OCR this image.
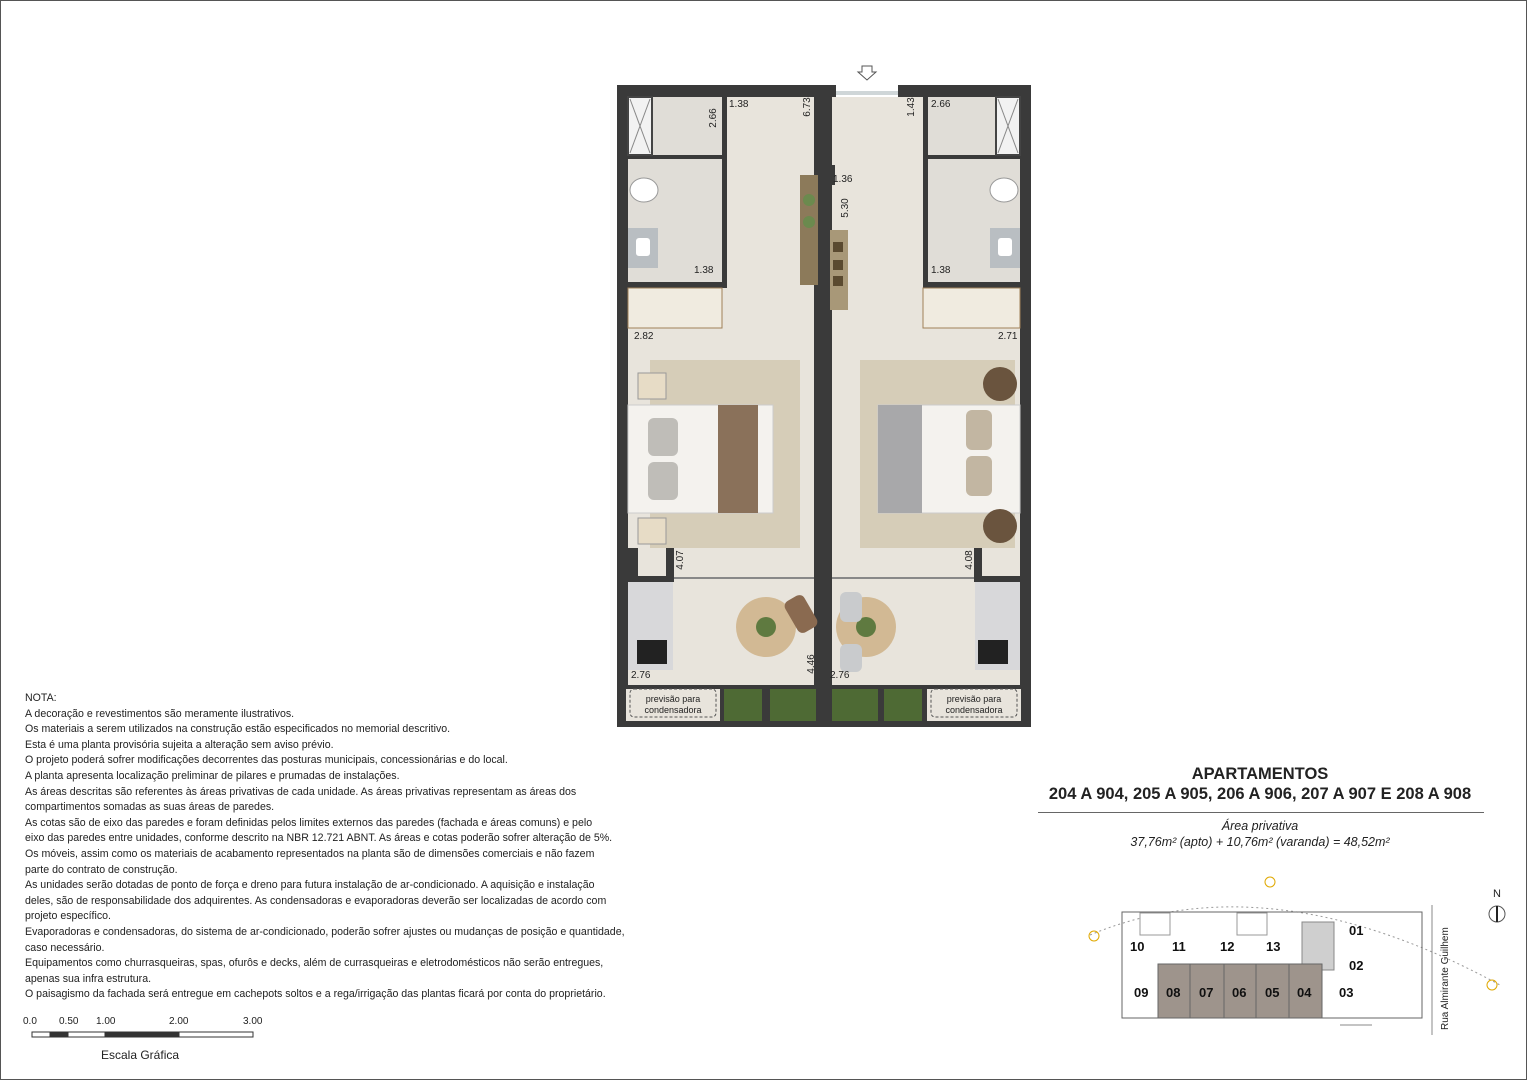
previsão para
condensadora
previsão para
condensadora
2.66
1.38	6.73	1.43 2.66
1.36
5.30
1.38	1.38
2.82	2.71
4.07	4.08
2.76
4.46
2.76
10 11	12 13
01
02
03
09 08 07 06 05 04	Rua Almirante Guilhem
N
NOTA:
A decoração e revestimentos são meramente ilustrativos.
Os materiais a serem utilizados na construção estão especificados no memorial descritivo.
Esta é uma planta provisória sujeita a alteração sem aviso prévio.
O projeto poderá sofrer modificações decorrentes das posturas municipais, concessionárias e do local.
A planta apresenta localização preliminar de pilares e prumadas de instalações.
As áreas descritas são referentes às áreas privativas de cada unidade. As áreas privativas representam as áreas dos
compartimentos somadas as suas áreas de paredes.
As cotas são de eixo das paredes e foram definidas pelos limites externos das paredes (fachada e áreas comuns) e pelo
eixo das paredes entre unidades, conforme descrito na NBR 12.721 ABNT. As áreas e cotas poderão sofrer alteração de 5%.
Os móveis, assim como os materiais de acabamento representados na planta são de dimensões comerciais e não fazem
parte do contrato de construção.
As unidades serão dotadas de ponto de força e dreno para futura instalação de ar-condicionado. A aquisição e instalação
deles, são de responsabilidade dos adquirentes. As condensadoras e evaporadoras deverão ser localizadas de acordo com
projeto específico.
Evaporadoras e condensadoras, do sistema de ar-condicionado, poderão sofrer ajustes ou mudanças de posição e quantidade,
caso necessário.
Equipamentos como churrasqueiras, spas, ofurôs e decks, além de currasqueiras e eletrodomésticos não serão entregues,
apenas sua infra estrutura.
O paisagismo da fachada será entregue em cachepots soltos e a rega/irrigação das plantas ficará por conta do proprietário.
0.0 0.50 1.00	2.00	3.00
Escala Gráfica
APARTAMENTOS
204 A 904, 205 A 905, 206 A 906, 207 A 907 E 208 A 908
Área privativa
37,76m² (apto) + 10,76m² (varanda) = 48,52m²
